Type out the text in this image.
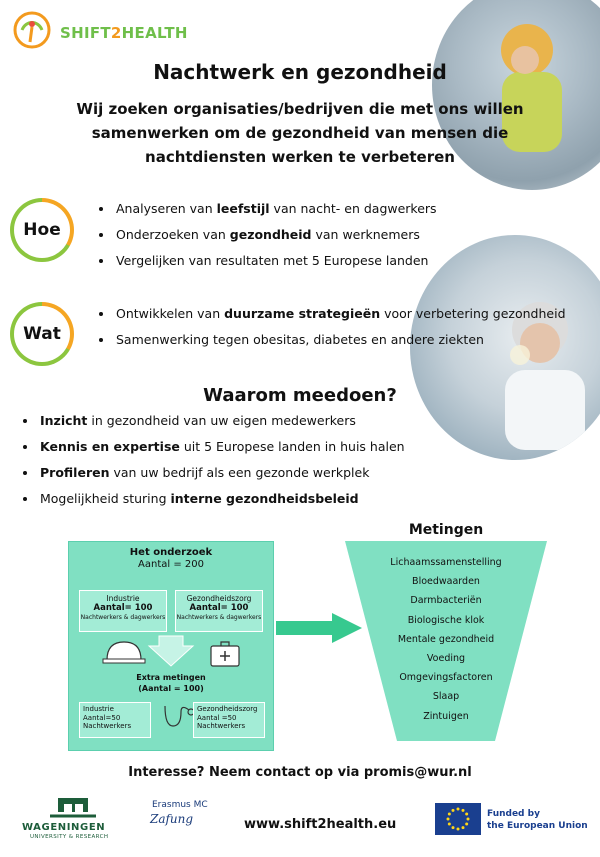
SHIFT2HEALTH
Nachtwerk en gezondheid
Wij zoeken organisaties/bedrijven die met ons willen samenwerken om de gezondheid van mensen die nachtdiensten werken te verbeteren
Hoe
• Analyseren van leefstijl van nacht- en dagwerkers
• Onderzoeken van gezondheid van werknemers
• Vergelijken van resultaten met 5 Europese landen
Wat
• Ontwikkelen van duurzame strategieën voor verbetering gezondheid
• Samenwerking tegen obesitas, diabetes en andere ziekten
Waarom meedoen?
• Inzicht in gezondheid van uw eigen medewerkers
• Kennis en expertise uit 5 Europese landen in huis halen
• Profileren van uw bedrijf als een gezonde werkplek
• Mogelijkheid sturing interne gezondheidsbeleid
Het onderzoek
Aantal = 200
Industrie
Aantal= 100
Nachtwerkers & dagwerkers
Gezondheidszorg
Aantal= 100
Nachtwerkers & dagwerkers
Extra metingen
(Aantal = 100)
Industrie
Aantal=50
Nachtwerkers
Gezondheidszorg
Aantal =50
Nachtwerkers
Metingen
Lichaamssamenstelling
Bloedwaarden
Darmbacteriën
Biologische klok
Mentale gezondheid
Voeding
Omgevingsfactoren
Slaap
Zintuigen
Interesse? Neem contact op via promis@wur.nl
WAGENINGEN
UNIVERSITY & RESEARCH
Erasmus MC
Zafung	www.shift2health.eu
Funded by
the European Union
